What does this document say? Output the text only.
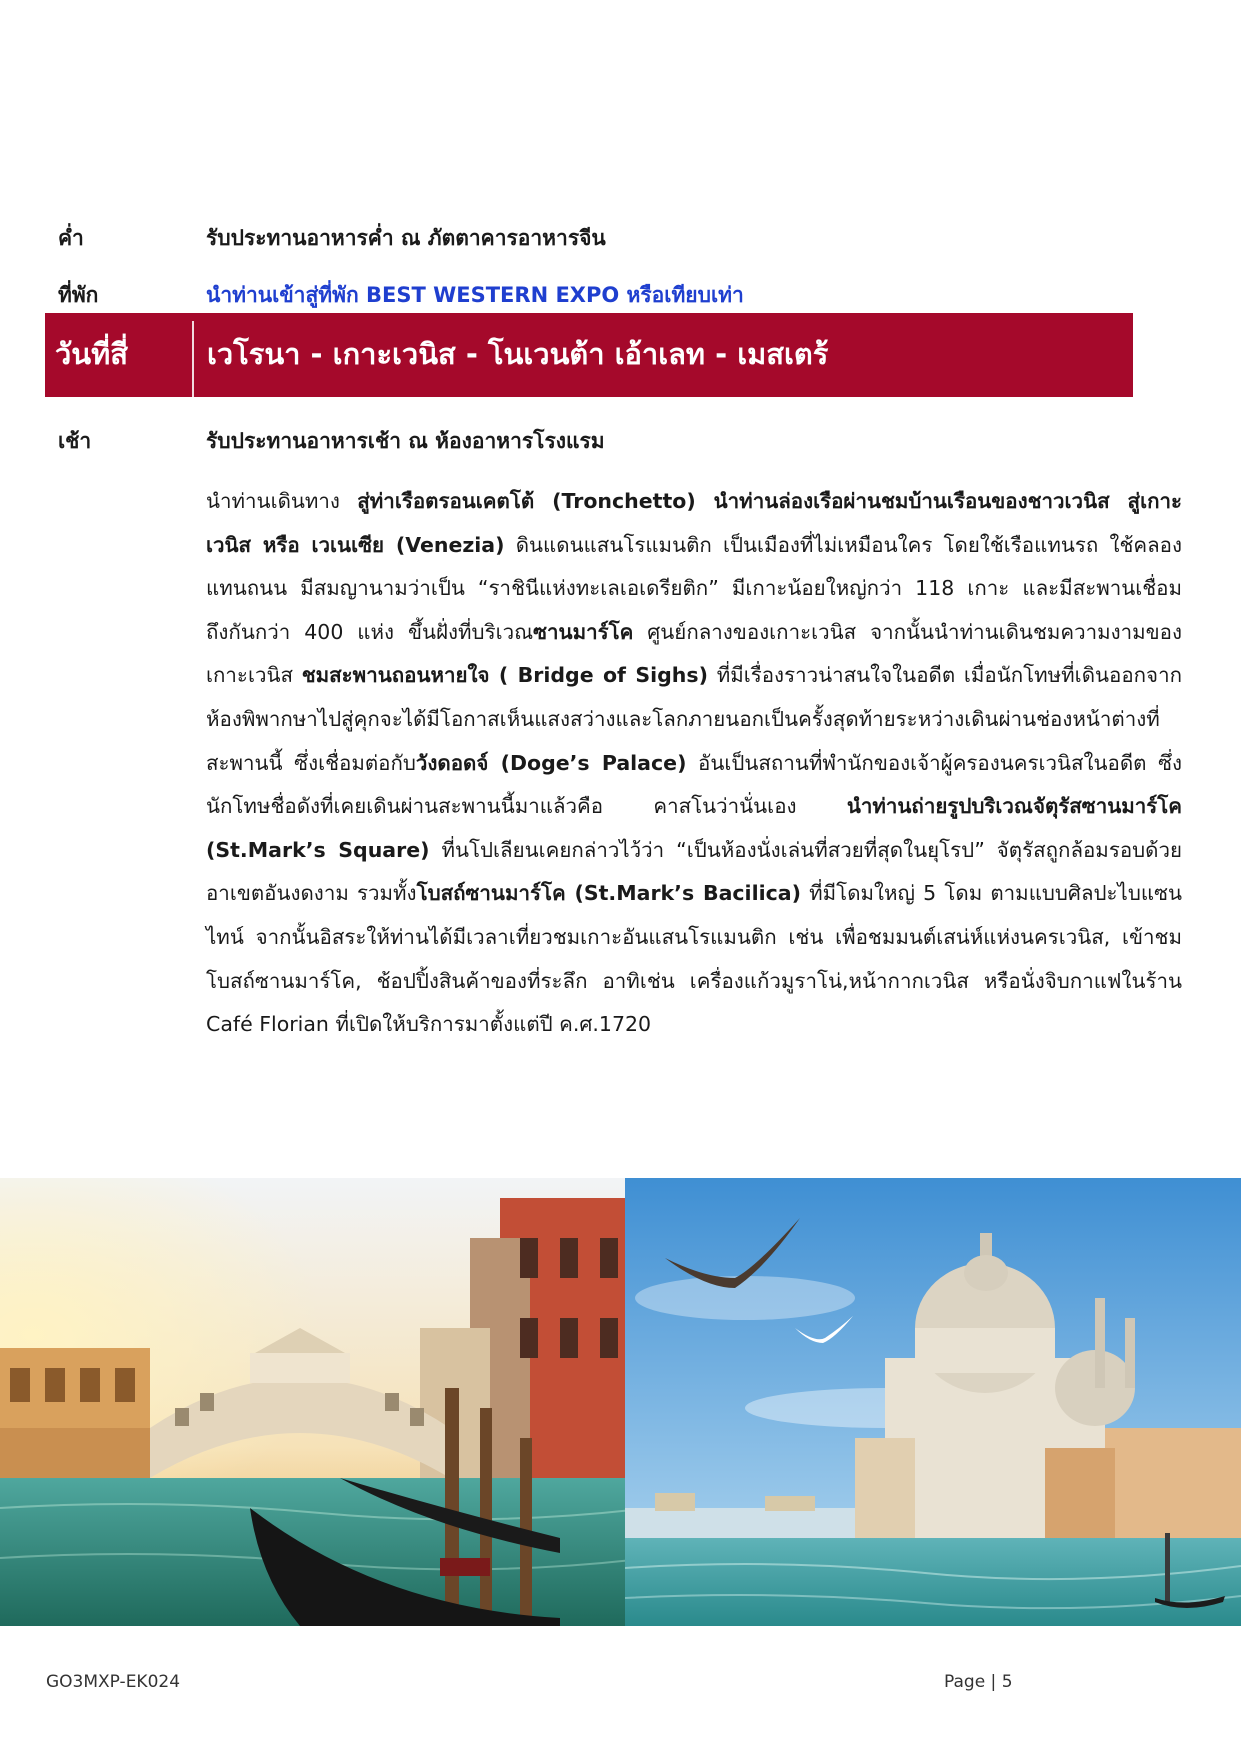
ค่ำ	รับประทานอาหารค่ำ ณ ภัตตาคารอาหารจีน
ที่พัก	นำท่านเข้าสู่ที่พัก BEST WESTERN EXPO หรือเทียบเท่า
วันที่สี่	เวโรนา - เกาะเวนิส - โนเวนต้า เอ้าเลท - เมสเตร้
เช้า	รับประทานอาหารเช้า ณ ห้องอาหารโรงแรม
นำท่านเดินทาง สู่ท่าเรือตรอนเคตโต้ (Tronchetto) นำท่านล่องเรือผ่านชมบ้านเรือนของชาวเวนิส สู่เกาะเวนิส หรือ เวเนเซีย (Venezia) ดินแดนแสนโรแมนติก เป็นเมืองที่ไม่เหมือนใคร โดยใช้เรือแทนรถ ใช้คลองแทนถนน มีสมญานามว่าเป็น “ราชินีแห่งทะเลเอเดรียติก” มีเกาะน้อยใหญ่กว่า 118 เกาะ และมีสะพานเชื่อมถึงกันกว่า 400 แห่ง ขึ้นฝั่งที่บริเวณซานมาร์โค ศูนย์กลางของเกาะเวนิส จากนั้นนำท่านเดินชมความงามของเกาะเวนิส ชมสะพานถอนหายใจ ( Bridge of Sighs) ที่มีเรื่องราวน่าสนใจในอดีต เมื่อนักโทษที่เดินออกจากห้องพิพากษาไปสู่คุกจะได้มีโอกาสเห็นแสงสว่างและโลกภายนอกเป็นครั้งสุดท้ายระหว่างเดินผ่านช่องหน้าต่างที่สะพานนี้ ซึ่งเชื่อมต่อกับวังดอดจ์ (Doge’s Palace) อันเป็นสถานที่พำนักของเจ้าผู้ครองนครเวนิสในอดีต ซึ่งนักโทษชื่อดังที่เคยเดินผ่านสะพานนี้มาแล้วคือ คาสโนว่านั่นเอง นำท่านถ่ายรูปบริเวณจัตุรัสซานมาร์โค (St.Mark’s Square) ที่นโปเลียนเคยกล่าวไว้ว่า “เป็นห้องนั่งเล่นที่สวยที่สุดในยุโรป” จัตุรัสถูกล้อมรอบด้วยอาเขตอันงดงาม รวมทั้งโบสถ์ซานมาร์โค (St.Mark’s Bacilica) ที่มีโดมใหญ่ 5 โดม ตามแบบศิลปะไบแซนไทน์ จากนั้นอิสระให้ท่านได้มีเวลาเที่ยวชมเกาะอันแสนโรแมนติก เช่น เพื่อชมมนต์เสน่ห์แห่งนครเวนิส, เข้าชมโบสถ์ซานมาร์โค, ช้อปปิ้งสินค้าของที่ระลึก อาทิเช่น เครื่องแก้วมูราโน่,หน้ากากเวนิส หรือนั่งจิบกาแฟในร้าน Café Florian ที่เปิดให้บริการมาตั้งแต่ปี ค.ศ.1720
GO3MXP-EK024	Page | 5
